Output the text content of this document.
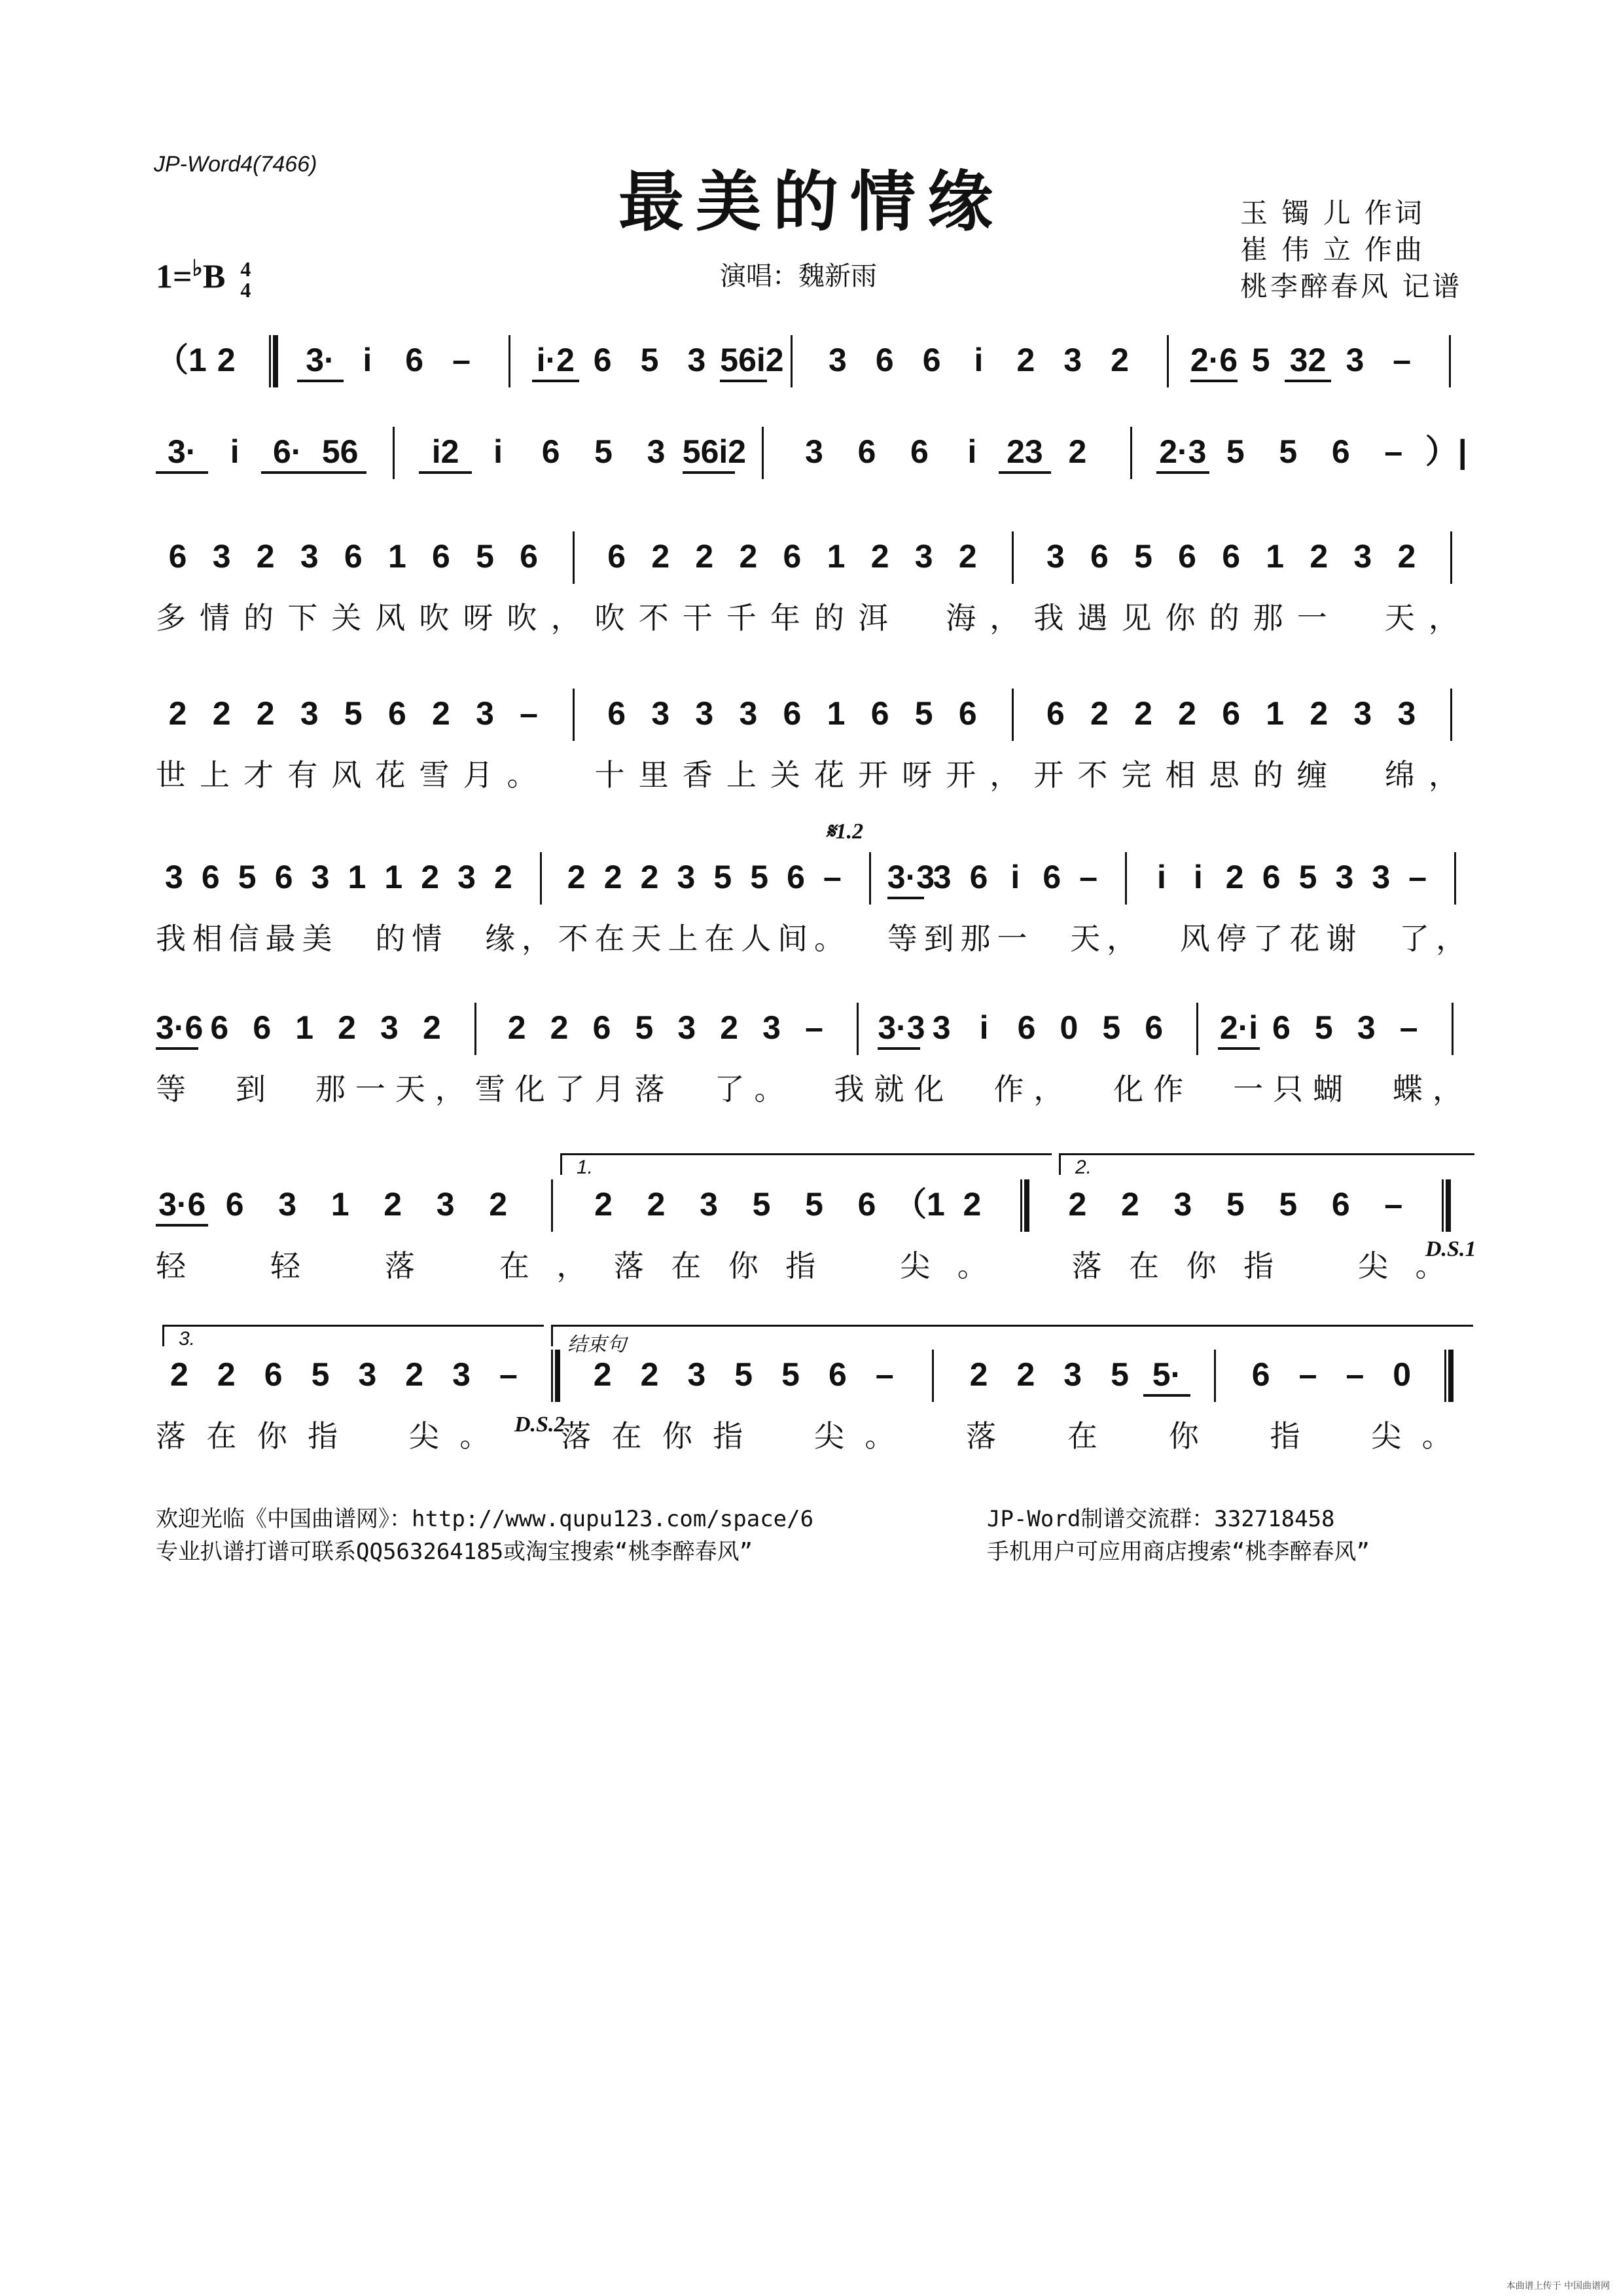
JP-Word4(7466)	最美的情缘	玉 镯 儿 作词
崔 伟 立 作曲
桃李醉春风 记谱
1=♭B 4
4	演唱：魏新雨
（1 2	3· i	6 –	i·2 6 5 3 56i2	3 6 6	i	2 3 2	2·6 5 32 3 –
3·	i	6· 56	i2	i	6	5	3 56i2	3	6	6	i 23 2	2·3 5	5	6	– ）|
6 3 2 3 6 1 6 5 6	6 2 2 2 6 1 2 3 2	3 6 5 6 6 1 2 3 2
多 情 的 下 关 风 吹 呀 吹 ， 吹 不 干 千 年 的 洱 海 ， 我 遇 见 你 的 那 一 天 ，
2 2 2 3 5 6 2 3 –	6 3 3 3 6 1 6 5 6	6 2 2 2 6 1 2 3 3
世 上 才 有 风 花 雪 月 。 十 里 香 上 关 花 开 呀 开 ， 开 不 完 相 思 的 缠 绵 ，
3 6 5 6 3 1 1 2 3 2 2 2 2 3 5 5 6 – 3·3
3 6 i 6 –	i i 2 6 5 3 3 –
我 相 信 最 美 的 情 缘 ， 不 在 天 上 在 人 间 。 等 到 那 一 天 ， 风 停 了 花 谢 了 ，
3·6 6 6 1 2 3 2	2 2 6 5 3 2 3 –	3·3 3 i 6 0 5 6	2·i 6 5 3 –
等 到 那 一 天 ， 雪 化 了 月 落 了 。 我 就 化 作 ， 化 作 一 只 蝴 蝶 ，
3·6 6	3	1	2	3	2	2	2	3	5	5	6 （1 2	2	2	3	5	5	6	–
轻	轻	落	在 ， 落 在 你 指	尖 。	落 在 你 指	尖 。
2 2 6 5 3 2 3 –	2 2 3 5 5 6 –	2 2 3 5 5·	6 – – 0
落 在 你 指 尖 。 落 在 你 指 尖 。 落 在 你 指 尖 。
𝄋1.2
D.S.1
D.S.2
1.	2.
3.	结束句
欢迎光临《中国曲谱网》：http://www.qupu123.com/space/6
专业扒谱打谱可联系QQ563264185或淘宝搜索“桃李醉春风”
JP-Word制谱交流群：332718458
手机用户可应用商店搜索“桃李醉春风”
本曲谱上传于 中国曲谱网
